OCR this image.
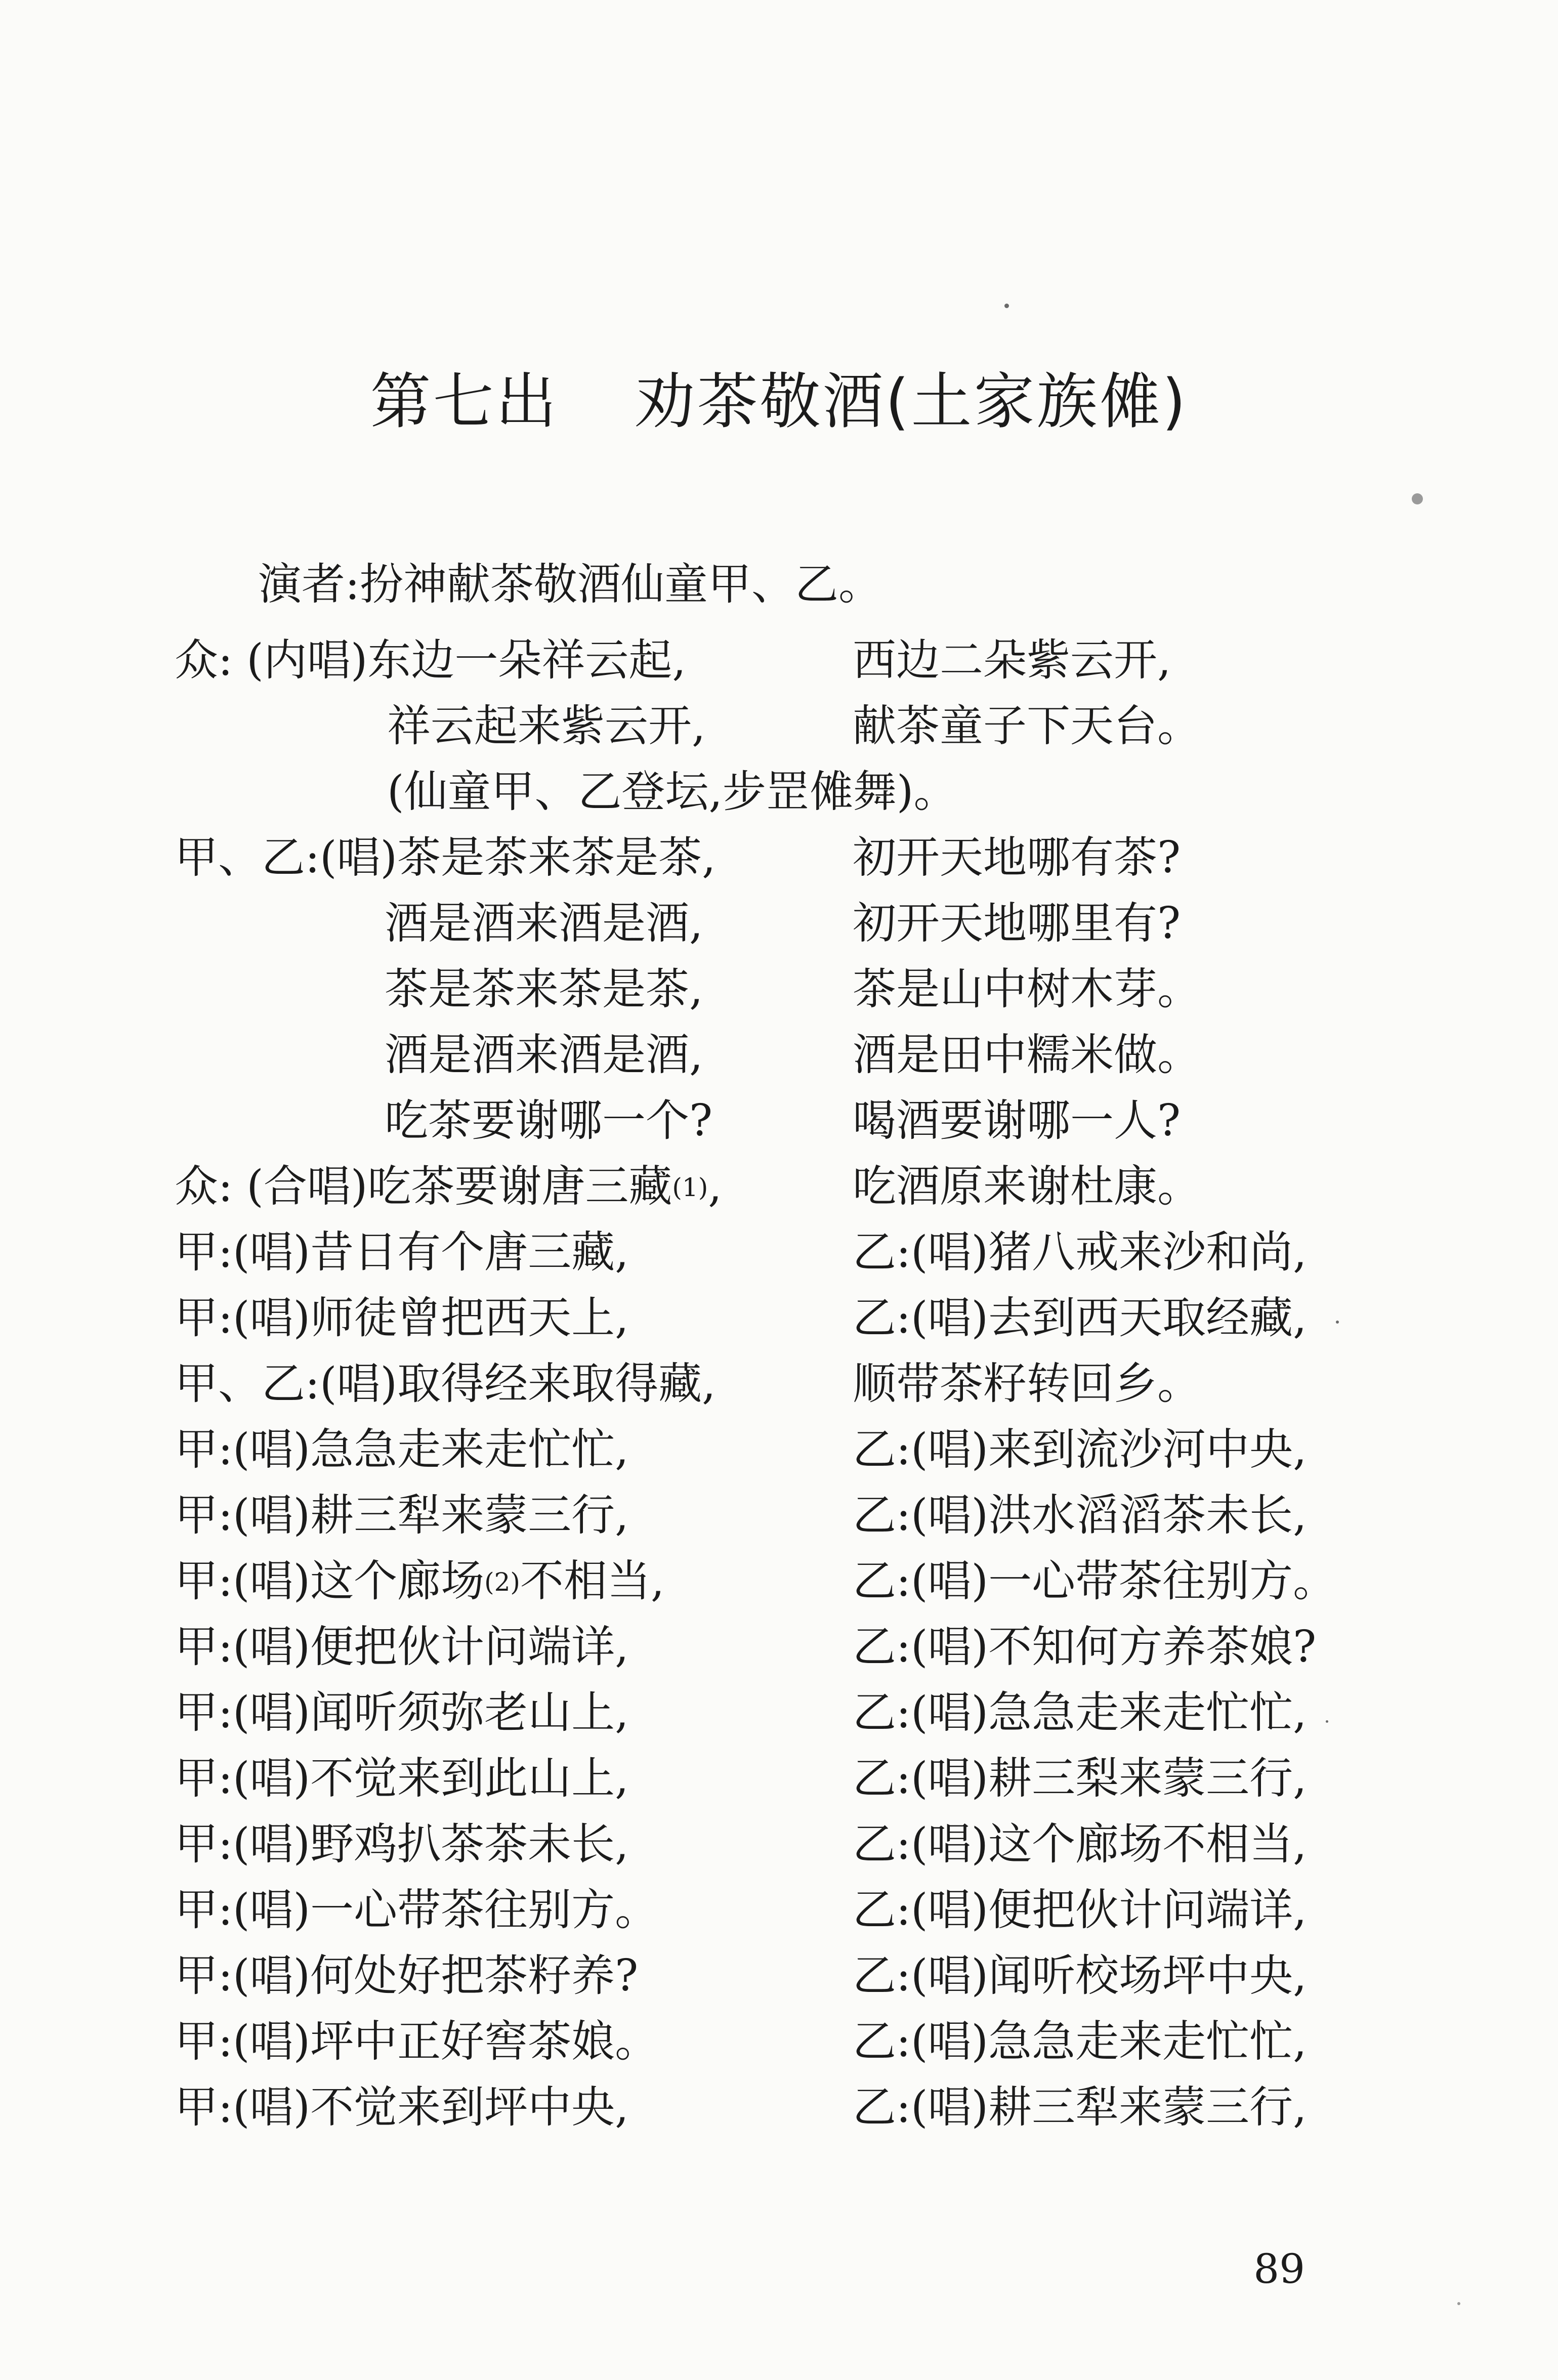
第七出 劝茶敬酒(土家族傩)
演者:扮神献茶敬酒仙童甲、乙。
众: (内唱)东边一朵祥云起,	西边二朵紫云开,
祥云起来紫云开,	献茶童子下天台。
(仙童甲、乙登坛,步罡傩舞)。
甲、乙:(唱)茶是茶来茶是茶,	初开天地哪有茶?
酒是酒来酒是酒,	初开天地哪里有?
茶是茶来茶是茶,	茶是山中树木芽。
酒是酒来酒是酒,	酒是田中糯米做。
吃茶要谢哪一个?	喝酒要谢哪一人?
众: (合唱)吃茶要谢唐三藏$^{(1)}$,	吃酒原来谢杜康。
甲:(唱)昔日有个唐三藏,	乙:(唱)猪八戒来沙和尚,
甲:(唱)师徒曾把西天上,	乙:(唱)去到西天取经藏,
甲、乙:(唱)取得经来取得藏,	顺带茶籽转回乡。
甲:(唱)急急走来走忙忙,	乙:(唱)来到流沙河中央,
甲:(唱)耕三犁来蒙三行,	乙:(唱)洪水滔滔茶未长,
甲:(唱)这个廊场$^{(2)}$不相当,	乙:(唱)一心带茶往别方。
甲:(唱)便把伙计问端详,	乙:(唱)不知何方养茶娘?
甲:(唱)闻听须弥老山上,	乙:(唱)急急走来走忙忙,
甲:(唱)不觉来到此山上,	乙:(唱)耕三梨来蒙三行,
甲:(唱)野鸡扒茶茶未长,	乙:(唱)这个廊场不相当,
甲:(唱)一心带茶往别方。	乙:(唱)便把伙计问端详,
甲:(唱)何处好把茶籽养?	乙:(唱)闻听校场坪中央,
甲:(唱)坪中正好窖茶娘。	乙:(唱)急急走来走忙忙,
甲:(唱)不觉来到坪中央,	乙:(唱)耕三犁来蒙三行,
89
